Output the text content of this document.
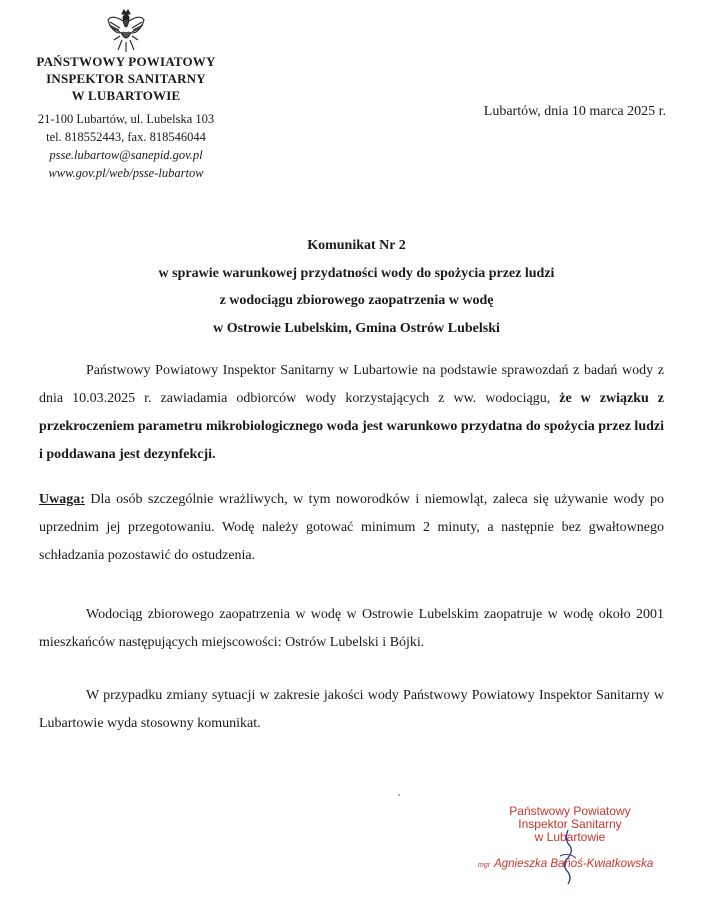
PAŃSTWOWY POWIATOWY
INSPEKTOR SANITARNY
W LUBARTOWIE
21-100 Lubartów, ul. Lubelska 103
tel. 818552443, fax. 818546044
psse.lubartow@sanepid.gov.pl
www.gov.pl/web/psse-lubartow
Lubartów, dnia 10 marca 2025 r.
Komunikat Nr 2
w sprawie warunkowej przydatności wody do spożycia przez ludzi
z wodociągu zbiorowego zaopatrzenia w wodę
w Ostrowie Lubelskim, Gmina Ostrów Lubelski
Państwowy Powiatowy Inspektor Sanitarny w Lubartowie na podstawie sprawozdań z badań wody z dnia 10.03.2025 r. zawiadamia odbiorców wody korzystających z ww. wodociągu, że w związku z przekroczeniem parametru mikrobiologicznego woda jest warunkowo przydatna do spożycia przez ludzi i poddawana jest dezynfekcji.
Uwaga: Dla osób szczególnie wrażliwych, w tym noworodków i niemowląt, zaleca się używanie wody po uprzednim jej przegotowaniu. Wodę należy gotować minimum 2 minuty, a następnie bez gwałtownego schładzania pozostawić do ostudzenia.
Wodociąg zbiorowego zaopatrzenia w wodę w Ostrowie Lubelskim zaopatruje w wodę około 2001 mieszkańców następujących miejscowości: Ostrów Lubelski i Bójki.
W przypadku zmiany sytuacji w zakresie jakości wody Państwowy Powiatowy Inspektor Sanitarny w Lubartowie wyda stosowny komunikat.
Państwowy Powiatowy
Inspektor Sanitarny
w Lubartowie
mgr Agnieszka Bańoś-Kwiatkowska
